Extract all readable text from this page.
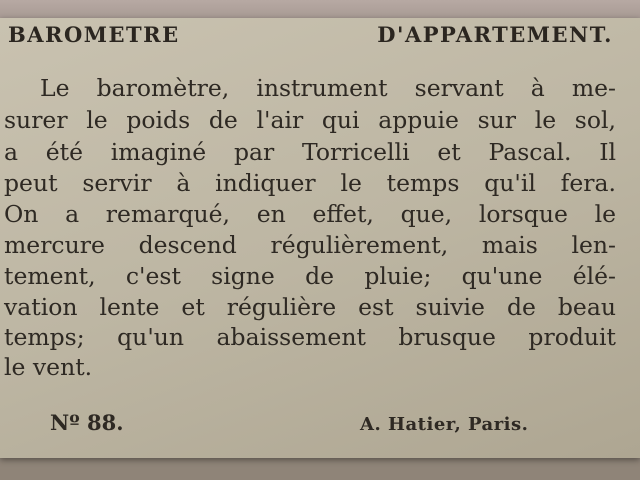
BAROMETRE D'APPARTEMENT.
Le baromètre, instrument servant à me-
surer le poids de l'air qui appuie sur le sol,
a été imaginé par Torricelli et Pascal. Il
peut servir à indiquer le temps qu'il fera.
On a remarqué, en effet, que, lorsque le
mercure descend régulièrement, mais len-
tement, c'est signe de pluie; qu'une élé-
vation lente et régulière est suivie de beau
temps; qu'un abaissement brusque produit
le vent.
Nº 88.	A. Hatier, Paris.
